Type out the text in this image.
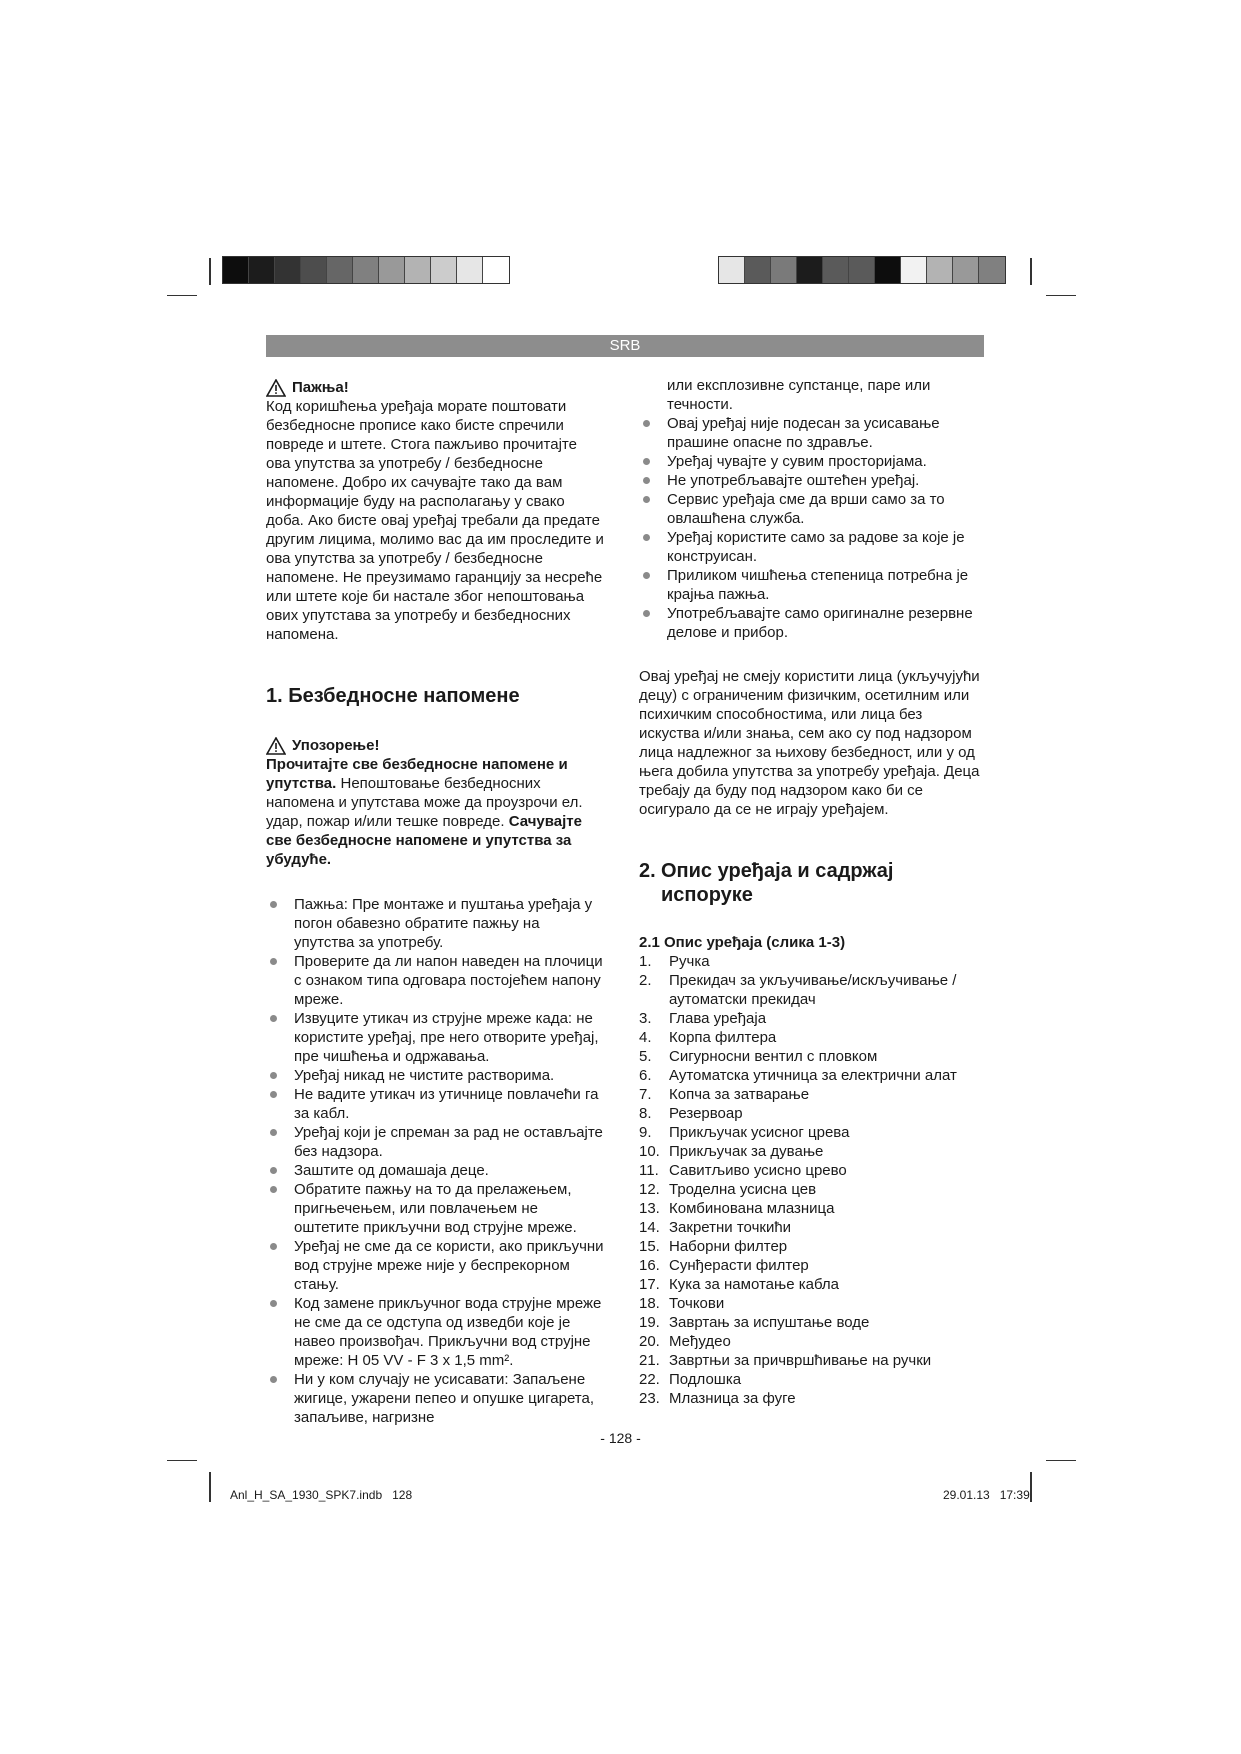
SRB
Пажња!

Код коришћења уређаја морате поштовати безбедносне прописе како бисте спречили повреде и штете. Стога пажљиво прочитајте ова упутства за употребу / безбедносне напомене. Добро их сачувајте тако да вам информације буду на располагању у свако доба. Ако бисте овај уређај требали да предате другим лицима, молимо вас да им проследите и ова упутства за употребу / безбедносне напомене. Не преузимамо гаранцију за несреће или штете које би настале због непоштовања ових упутстава за употребу и безбедносних напомена.

1. Безбедносне напомене
Упозорење!

Прочитајте све безбедносне напомене и упутства. Непоштовање безбедносних напомена и упутстава може да проузрочи ел. удар, пожар и/или тешке повреде. Сачувајте све безбедносне напомене и упутства за убудуће.

Пажња: Пре монтаже и пуштања уређаја у погон обавезно обратите пажњу на упутства за употребу.
Проверите да ли напон наведен на плочици с ознаком типа одговара постојећем напону мреже.
Извуците утикач из струјне мреже када: не користите уређај, пре него отворите уређај, пре чишћења и одржавања.
Уређај никад не чистите растворима.
Не вадите утикач из утичнице повлачећи га за кабл.
Уређај који је спреман за рад не остављајте без надзора.
Заштите од домашаја деце.
Обратите пажњу на то да прелажењем, пригњечењем, или повлачењем не оштетите прикључни вод струјне мреже.
Уређај не сме да се користи, ако прикључни вод струјне мреже није у беспрекорном стању.
Код замене прикључног вода струјне мреже не сме да се одступа од изведби које је навео произвођач. Прикључни вод струјне мреже: H 05 VV - F 3 x 1,5 mm².
Ни у ком случају не усисавати: Запаљене жигице, ужарени пепео и опушке цигарета, запаљиве, нагризне

или експлозивне супстанце, паре или течности.

Овај уређај није подесан за усисавање прашине опасне по здравље.
Уређај чувајте у сувим просторијама.
Не употребљавајте оштећен уређај.
Сервис уређаја сме да врши само за то овлашћена служба.
Уређај користите само за радове за које је конструисан.
Приликом чишћења степеница потребна је крајња пажња.
Употребљавајте само оригиналне резервне делове и прибор.

Овај уређај не смеју користити лица (укључујући децу) с ограниченим физичким, осетилним или психичким способностима, или лица без искуства и/или знања, сем ако су под надзором лица надлежног за њихову безбедност, или у од њега добила упутства за употребу уређаја. Деца требају да буду под надзором како би се осигурало да се не играју уређајем.

2. Опис уређаја и садржај испоруке

2.1 Опис уређаја (слика 1-3)

1.	Ручка
2.	Прекидач за укључивање/искључивање / аутоматски прекидач
3.	Глава уређаја
4.	Корпа филтера
5.	Сигурносни вентил с пловком
6.	Аутоматска утичница за електрични алат
7.	Копча за затварање
8.	Резервоар
9.	Прикључак усисног црева
10. Прикључак за дување
11. Савитљиво усисно црево
12. Троделна усисна цев
13. Комбинована млазница
14. Закретни точкићи
15. Наборни филтер
16. Сунђерасти филтер
17. Кука за намотање кабла
18. Точкови
19. Завртањ за испуштање воде
20. Међудео
21. Завртњи за причвршћивање на ручки
22. Подлошка
23. Млазница за фуге
- 128 -
Anl_H_SA_1930_SPK7.indb   128	29.01.13   17:39
